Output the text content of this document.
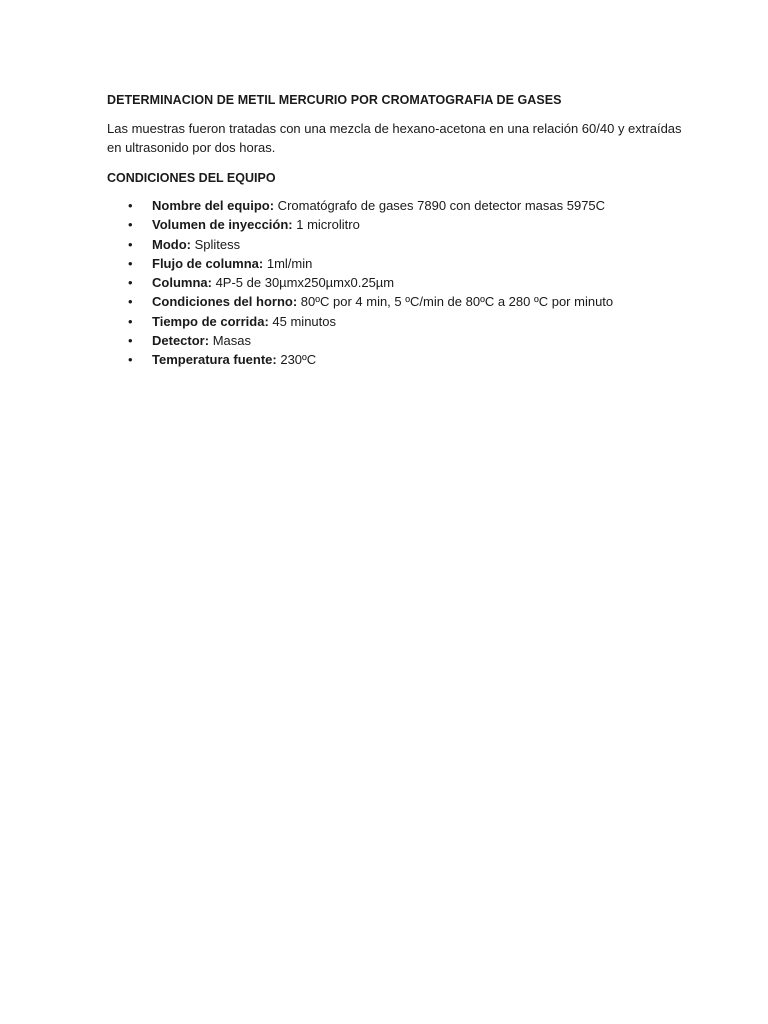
DETERMINACION DE METIL MERCURIO POR CROMATOGRAFIA DE GASES

Las muestras fueron tratadas con una mezcla de hexano-acetona en una relación 60/40 y extraídas en ultrasonido por dos horas.

CONDICIONES DEL EQUIPO

• Nombre del equipo: Cromatógrafo de gases 7890 con detector masas 5975C
• Volumen de inyección: 1 microlitro
• Modo: Splitess
• Flujo de columna: 1ml/min
• Columna: 4P-5 de 30µmx250µmx0.25µm
• Condiciones del horno: 80ºC por 4 min, 5 ºC/min de 80ºC a 280 ºC por minuto
• Tiempo de corrida: 45 minutos
• Detector: Masas
• Temperatura fuente: 230ºC
